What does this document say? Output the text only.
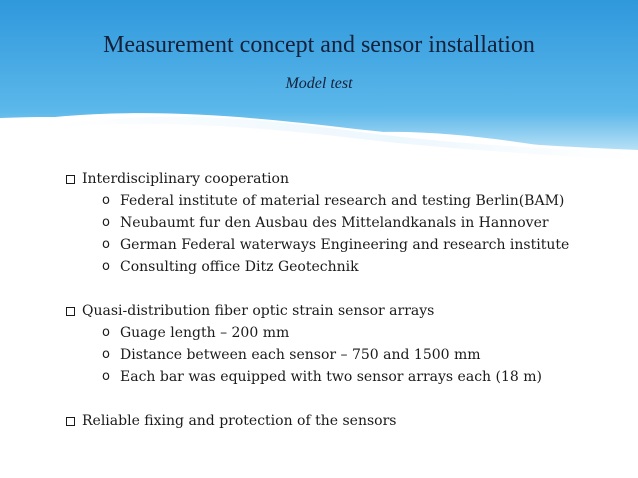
Measurement concept and sensor installation
Model test
Interdisciplinary cooperation
o Federal institute of material research and testing Berlin(BAM)
o Neubaumt fur den Ausbau des Mittelandkanals in Hannover
o German Federal waterways Engineering and research institute
o Consulting office Ditz Geotechnik
Quasi-distribution fiber optic strain sensor arrays
o Guage length – 200 mm
o Distance between each sensor – 750 and 1500 mm
o Each bar was equipped with two sensor arrays each (18 m)
Reliable fixing and protection of the sensors
